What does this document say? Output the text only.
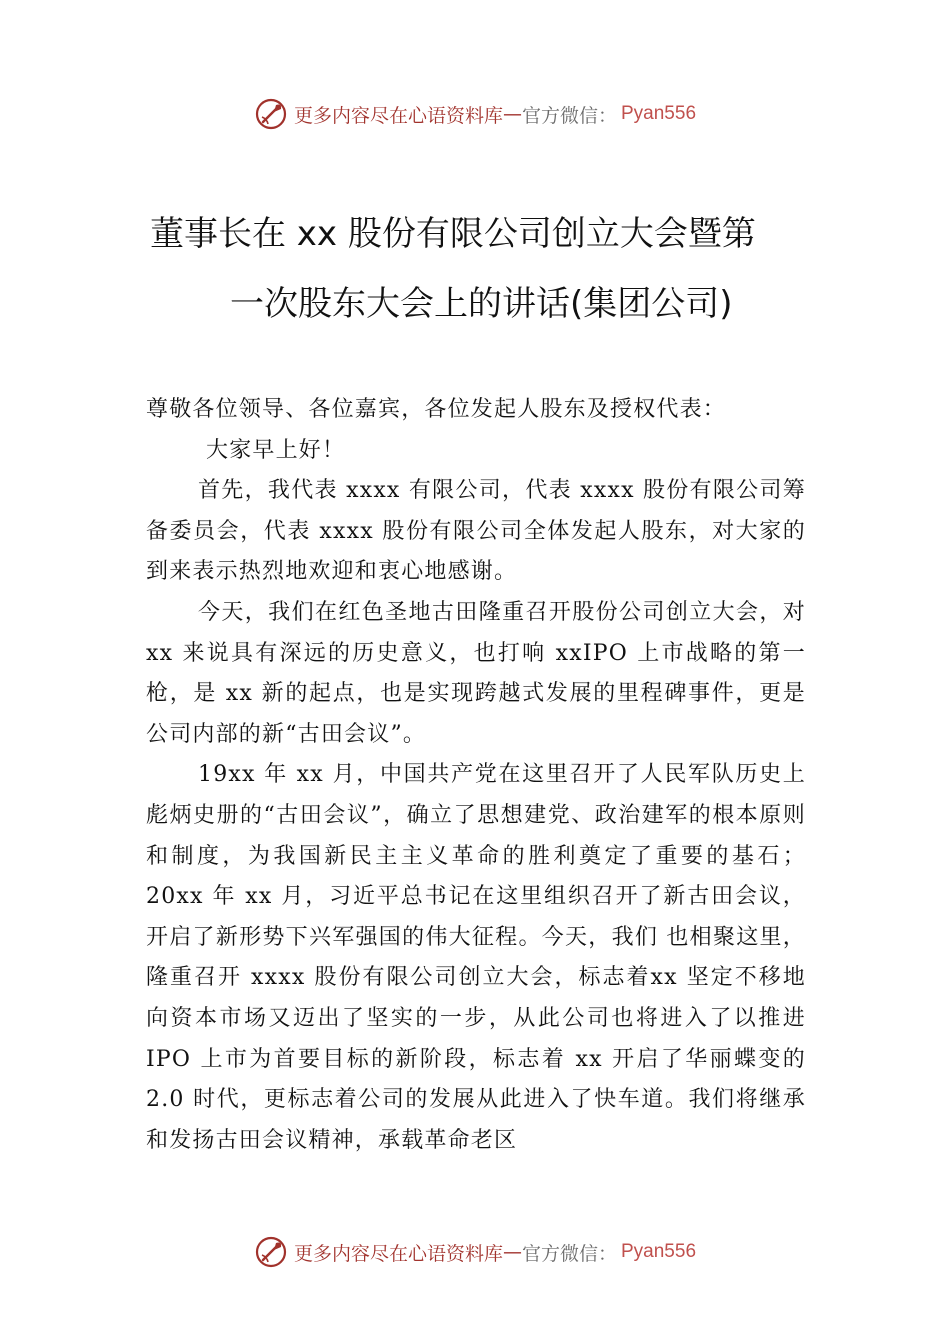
更多内容尽在心语资料库 — 官方微信： Pyan556
董事长在 xx 股份有限公司创立大会暨第
一次股东大会上的讲话(集团公司)

尊敬各位领导、各位嘉宾，各位发起人股东及授权代表：

大家早上好！

首先，我代表 xxxx 有限公司，代表 xxxx 股份有限公司筹备委员会，代表 xxxx 股份有限公司全体发起人股东，对大家的到来表示热烈地欢迎和衷心地感谢。

今天，我们在红色圣地古田隆重召开股份公司创立大会，对 xx 来说具有深远的历史意义，也打响 xxIPO 上市战略的第一枪，是 xx 新的起点，也是实现跨越式发展的里程碑事件，更是公司内部的新“古田会议”。

19xx 年 xx 月，中国共产党在这里召开了人民军队历史上彪炳史册的“古田会议”，确立了思想建党、政治建军的根本原则和制度，为我国新民主主义革命的胜利奠定了重要的基石；20xx 年 xx 月，习近平总书记在这里组织召开了新古田会议，开启了新形势下兴军强国的伟大征程。今天，我们 也相聚这里，隆重召开 xxxx 股份有限公司创立大会，标志着xx 坚定不移地向资本市场又迈出了坚实的一步，从此公司也将进入了以推进 IPO 上市为首要目标的新阶段，标志着 xx 开启了华丽蝶变的 2.0 时代，更标志着公司的发展从此进入了快车道。我们将继承和发扬古田会议精神，承载革命老区

更多内容尽在心语资料库 — 官方微信： Pyan556
